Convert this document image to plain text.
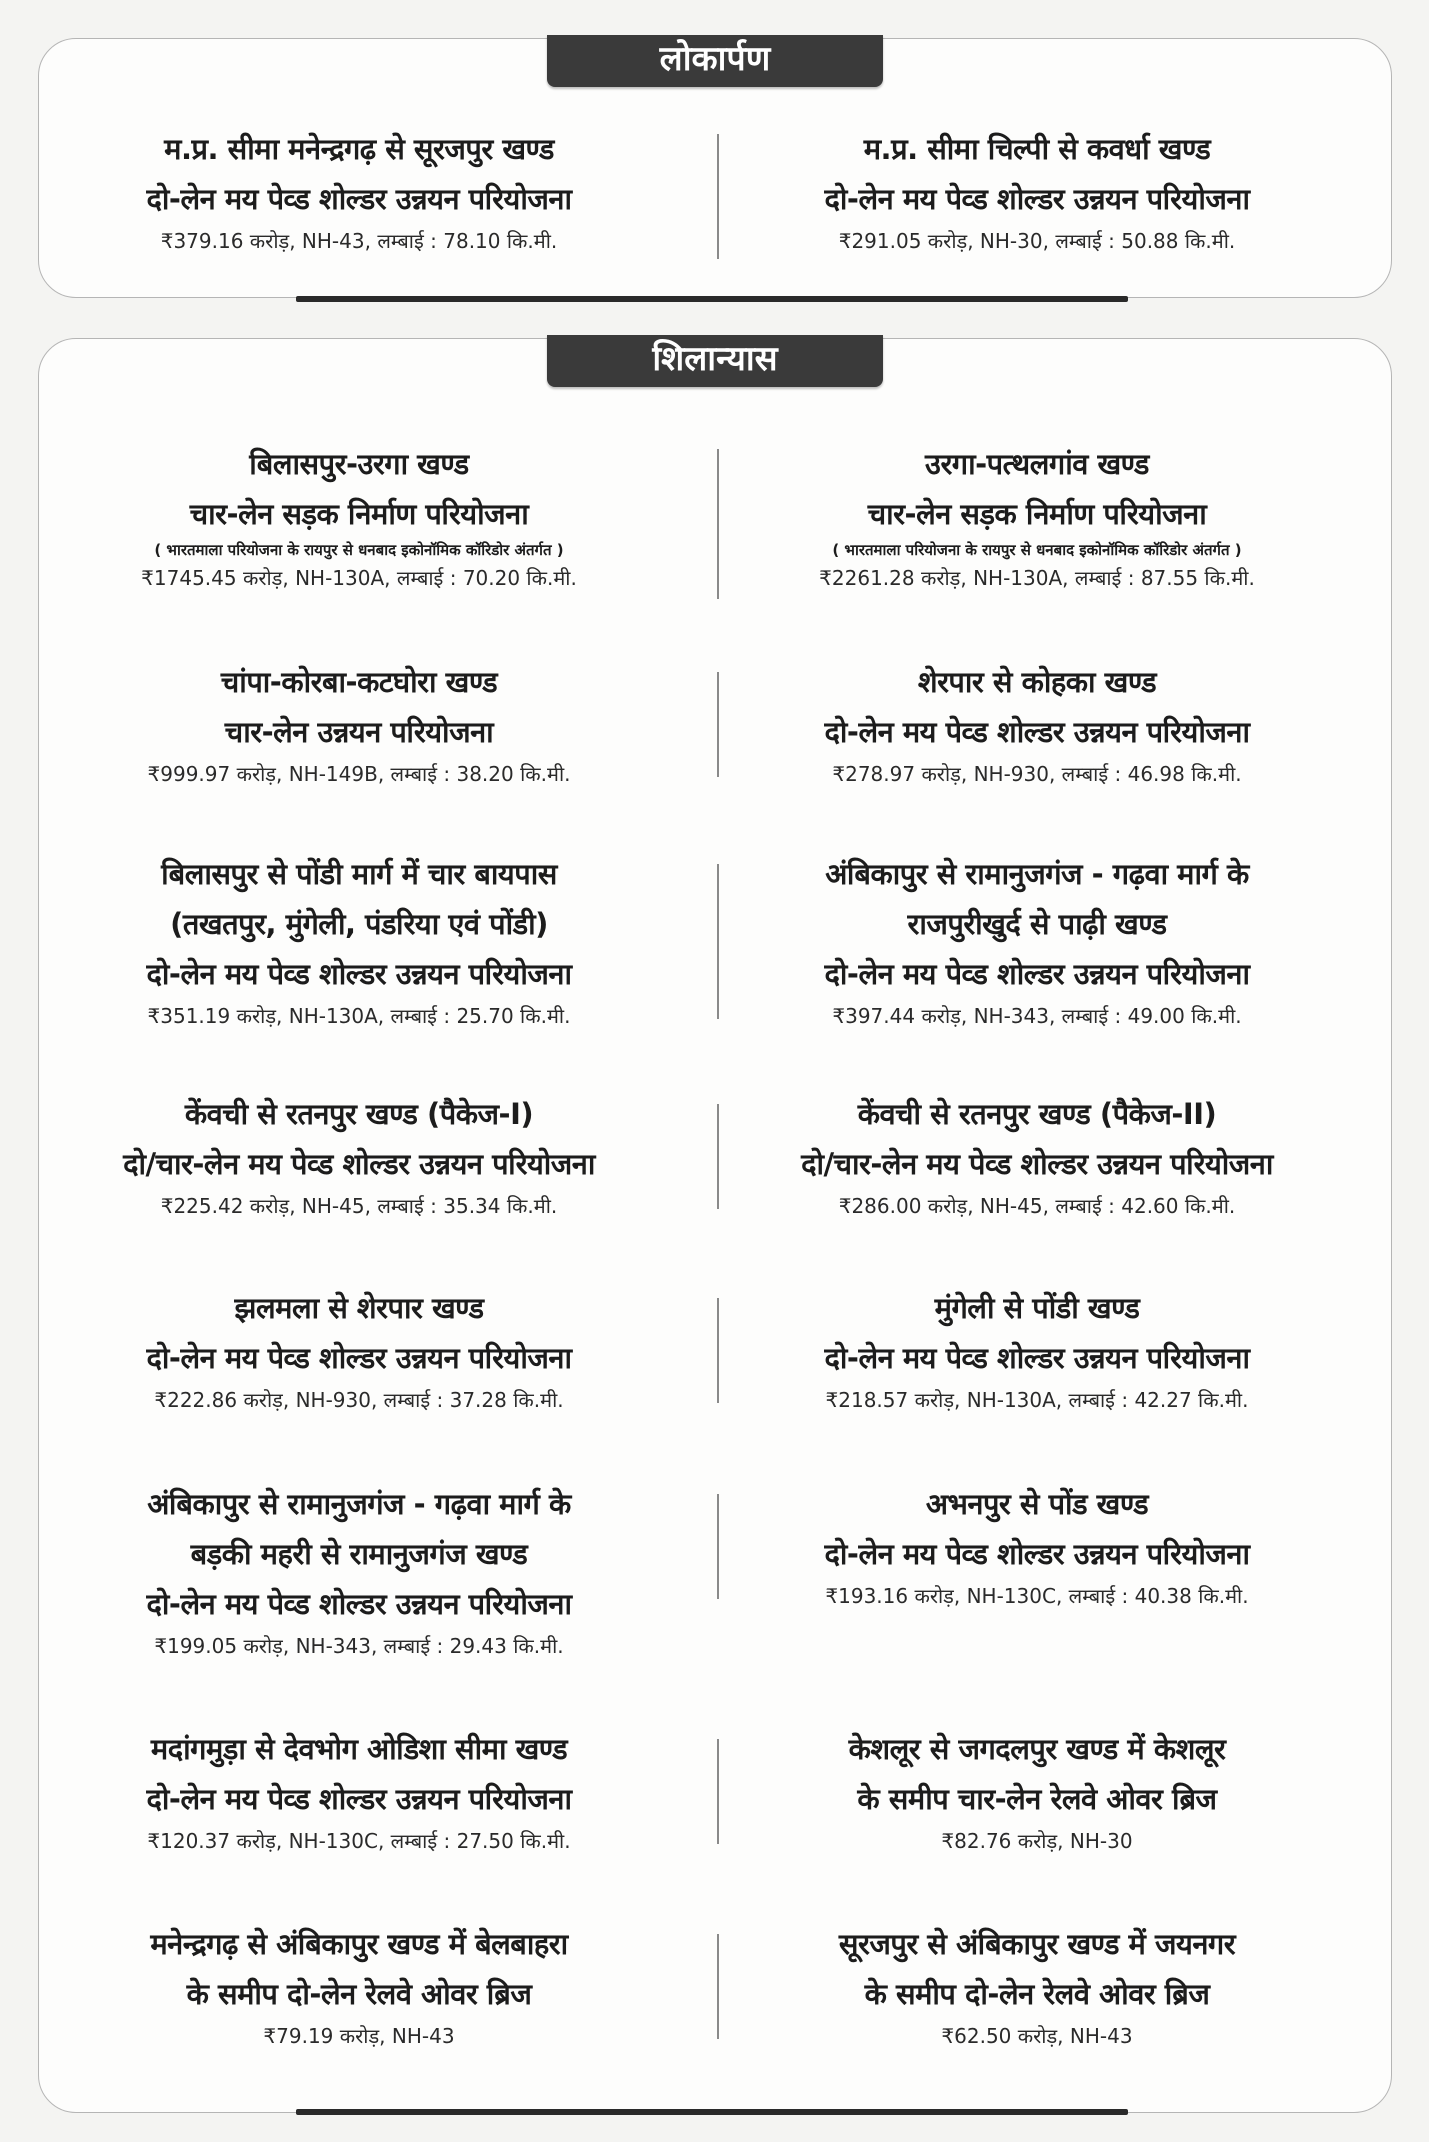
लोकार्पण
म.प्र. सीमा मनेन्द्रगढ़ से सूरजपुर खण्ड
दो-लेन मय पेव्ड शोल्डर उन्नयन परियोजना
₹379.16 करोड़, NH-43, लम्बाई : 78.10 कि.मी.
म.प्र. सीमा चिल्पी से कवर्धा खण्ड
दो-लेन मय पेव्ड शोल्डर उन्नयन परियोजना
₹291.05 करोड़, NH-30, लम्बाई : 50.88 कि.मी.
शिलान्यास
बिलासपुर-उरगा खण्ड
चार-लेन सड़क निर्माण परियोजना
( भारतमाला परियोजना के रायपुर से धनबाद इकोनॉमिक कॉरिडोर अंतर्गत )
₹1745.45 करोड़, NH-130A, लम्बाई : 70.20 कि.मी.
उरगा-पत्थलगांव खण्ड
चार-लेन सड़क निर्माण परियोजना
( भारतमाला परियोजना के रायपुर से धनबाद इकोनॉमिक कॉरिडोर अंतर्गत )
₹2261.28 करोड़, NH-130A, लम्बाई : 87.55 कि.मी.
चांपा-कोरबा-कटघोरा खण्ड
चार-लेन उन्नयन परियोजना
₹999.97 करोड़, NH-149B, लम्बाई : 38.20 कि.मी.
शेरपार से कोहका खण्ड
दो-लेन मय पेव्ड शोल्डर उन्नयन परियोजना
₹278.97 करोड़, NH-930, लम्बाई : 46.98 कि.मी.
बिलासपुर से पोंडी मार्ग में चार बायपास
(तखतपुर, मुंगेली, पंडरिया एवं पोंडी)
दो-लेन मय पेव्ड शोल्डर उन्नयन परियोजना
₹351.19 करोड़, NH-130A, लम्बाई : 25.70 कि.मी.
अंबिकापुर से रामानुजगंज - गढ़वा मार्ग के
राजपुरीखुर्द से पाढ़ी खण्ड
दो-लेन मय पेव्ड शोल्डर उन्नयन परियोजना
₹397.44 करोड़, NH-343, लम्बाई : 49.00 कि.मी.
केंवची से रतनपुर खण्ड (पैकेज-I)
दो/चार-लेन मय पेव्ड शोल्डर उन्नयन परियोजना
₹225.42 करोड़, NH-45, लम्बाई : 35.34 कि.मी.
केंवची से रतनपुर खण्ड (पैकेज-II)
दो/चार-लेन मय पेव्ड शोल्डर उन्नयन परियोजना
₹286.00 करोड़, NH-45, लम्बाई : 42.60 कि.मी.
झलमला से शेरपार खण्ड
दो-लेन मय पेव्ड शोल्डर उन्नयन परियोजना
₹222.86 करोड़, NH-930, लम्बाई : 37.28 कि.मी.
मुंगेली से पोंडी खण्ड
दो-लेन मय पेव्ड शोल्डर उन्नयन परियोजना
₹218.57 करोड़, NH-130A, लम्बाई : 42.27 कि.मी.
अंबिकापुर से रामानुजगंज - गढ़वा मार्ग के
बड़की महरी से रामानुजगंज खण्ड
दो-लेन मय पेव्ड शोल्डर उन्नयन परियोजना
₹199.05 करोड़, NH-343, लम्बाई : 29.43 कि.मी.
अभनपुर से पोंड खण्ड
दो-लेन मय पेव्ड शोल्डर उन्नयन परियोजना
₹193.16 करोड़, NH-130C, लम्बाई : 40.38 कि.मी.
मदांगमुड़ा से देवभोग ओडिशा सीमा खण्ड
दो-लेन मय पेव्ड शोल्डर उन्नयन परियोजना
₹120.37 करोड़, NH-130C, लम्बाई : 27.50 कि.मी.
केशलूर से जगदलपुर खण्ड में केशलूर
के समीप चार-लेन रेलवे ओवर ब्रिज
₹82.76 करोड़, NH-30
मनेन्द्रगढ़ से अंबिकापुर खण्ड में बेलबाहरा
के समीप दो-लेन रेलवे ओवर ब्रिज
₹79.19 करोड़, NH-43
सूरजपुर से अंबिकापुर खण्ड में जयनगर
के समीप दो-लेन रेलवे ओवर ब्रिज
₹62.50 करोड़, NH-43
